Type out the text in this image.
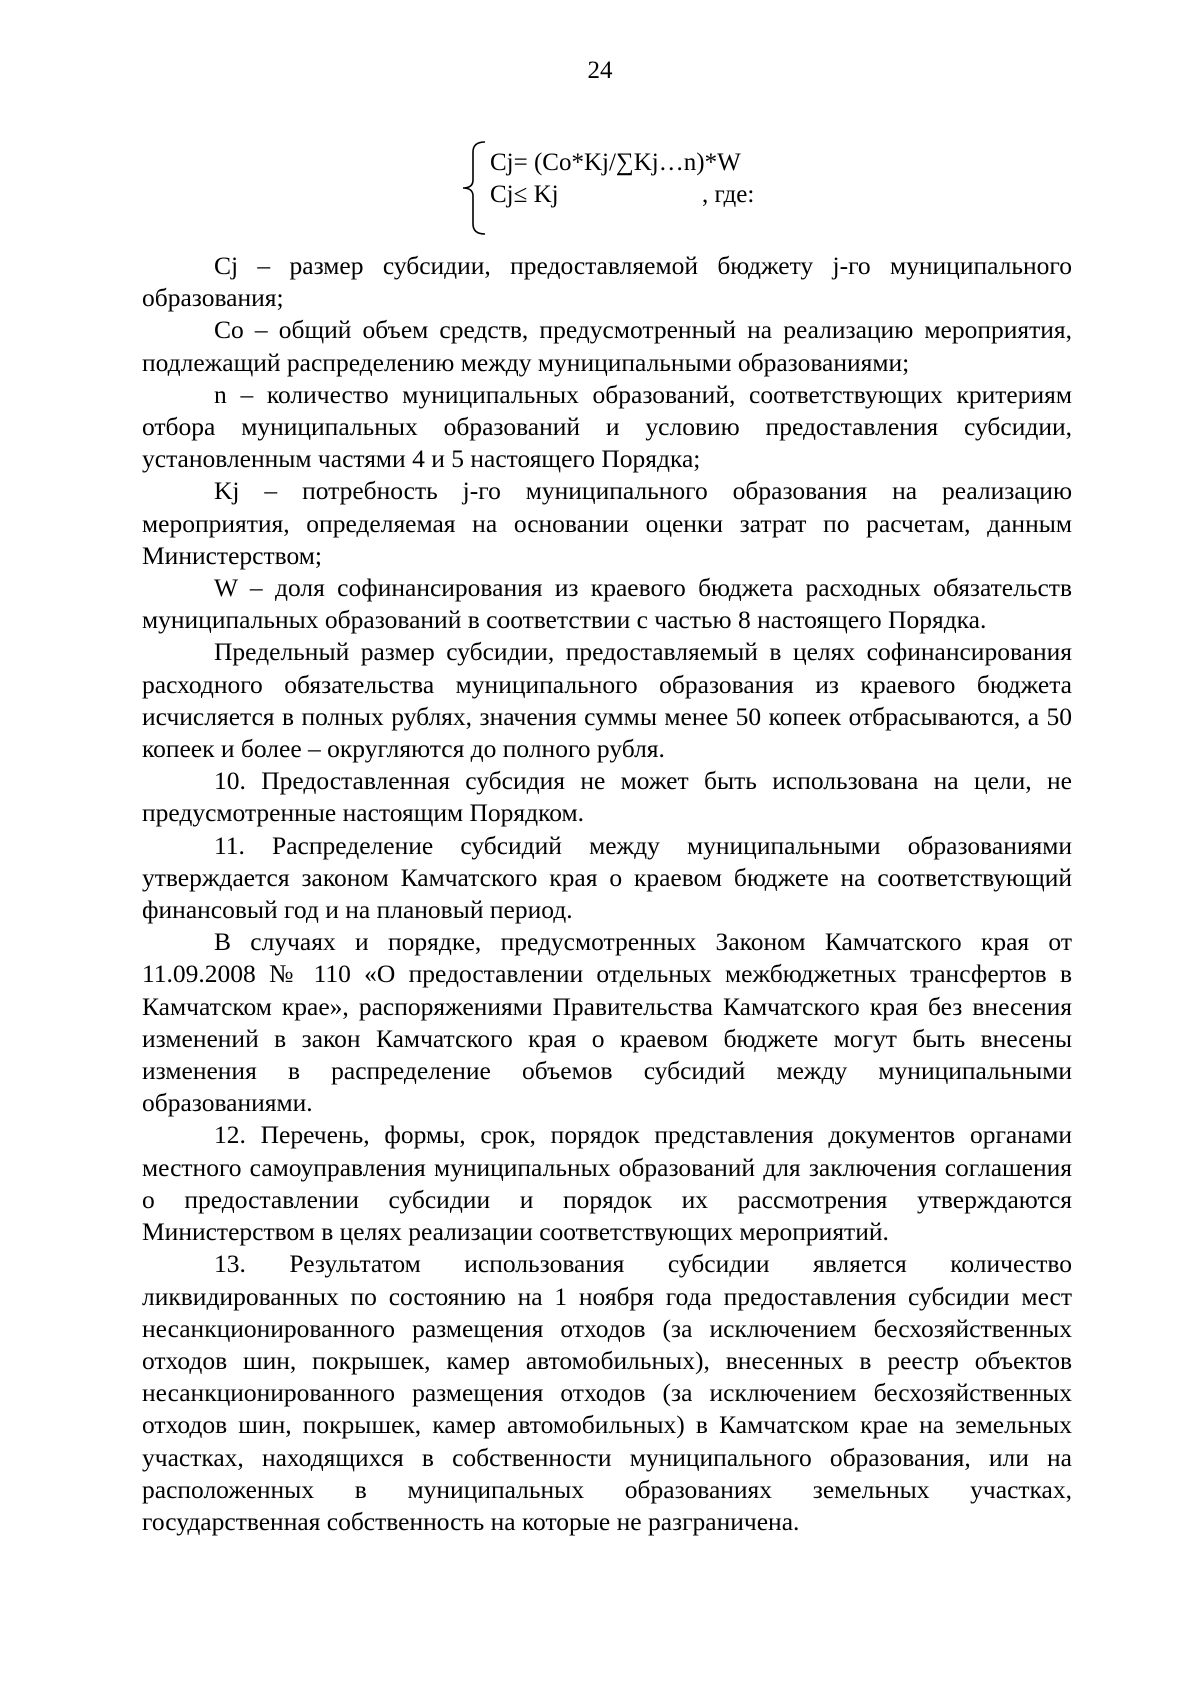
24
Cj= (Co*Kj/∑Kj…n)*W
Cj≤ Kj	, где:

Cj – размер субсидии, предоставляемой бюджету j-го муниципального образования;

Co – общий объем средств, предусмотренный на реализацию мероприятия, подлежащий распределению между муниципальными образованиями;

n – количество муниципальных образований, соответствующих критериям отбора муниципальных образований и условию предоставления субсидии, установленным частями 4 и 5 настоящего Порядка;

Kj – потребность j-го муниципального образования на реализацию мероприятия, определяемая на основании оценки затрат по расчетам, данным Министерством;

W – доля софинансирования из краевого бюджета расходных обязательств муниципальных образований в соответствии с частью 8 настоящего Порядка.

Предельный размер субсидии, предоставляемый в целях софинансирования расходного обязательства муниципального образования из краевого бюджета исчисляется в полных рублях, значения суммы менее 50 копеек отбрасываются, а 50 копеек и более – округляются до полного рубля.

10. Предоставленная субсидия не может быть использована на цели, не предусмотренные настоящим Порядком.

11. Распределение субсидий между муниципальными образованиями утверждается законом Камчатского края о краевом бюджете на соответствующий финансовый год и на плановый период.

В случаях и порядке, предусмотренных Законом Камчатского края от 11.09.2008 № 110 «О предоставлении отдельных межбюджетных трансфертов в Камчатском крае», распоряжениями Правительства Камчатского края без внесения изменений в закон Камчатского края о краевом бюджете могут быть внесены изменения в распределение объемов субсидий между муниципальными образованиями.

12. Перечень, формы, срок, порядок представления документов органами местного самоуправления муниципальных образований для заключения соглашения о предоставлении субсидии и порядок их рассмотрения утверждаются Министерством в целях реализации соответствующих мероприятий.

13. Результатом использования субсидии является количество ликвидированных по состоянию на 1 ноября года предоставления субсидии мест несанкционированного размещения отходов (за исключением бесхозяйственных отходов шин, покрышек, камер автомобильных), внесенных в реестр объектов несанкционированного размещения отходов (за исключением бесхозяйственных отходов шин, покрышек, камер автомобильных) в Камчатском крае на земельных участках, находящихся в собственности муниципального образования, или на расположенных в муниципальных образованиях земельных участках, государственная собственность на которые не разграничена.
